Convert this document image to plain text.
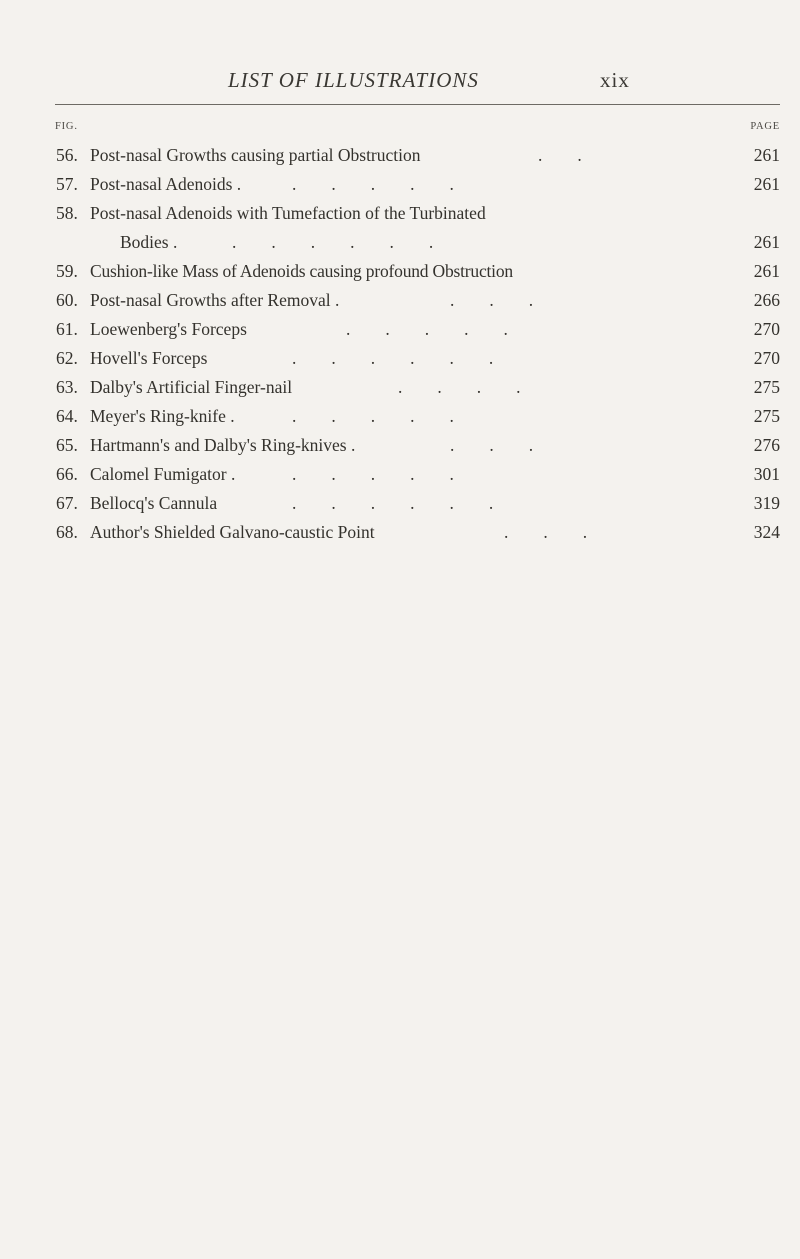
LIST OF ILLUSTRATIONS	xix
FIG.	PAGE
56. Post-nasal Growths causing partial Obstruction	.        .	261
57. Post-nasal Adenoids .	.        .        .        .        .	261
58. Post-nasal Adenoids with Tumefaction of the Turbinated
Bodies .	.        .        .        .        .        .	261
59. Cushion-like Mass of Adenoids causing profound Obstruction	261
60. Post-nasal Growths after Removal .	.        .        .	266
61. Loewenberg's Forceps	.        .        .        .        .	270
62. Hovell's Forceps	.        .        .        .        .        .	270
63. Dalby's Artificial Finger-nail	.        .        .        .	275
64. Meyer's Ring-knife .	.        .        .        .        .	275
65. Hartmann's and Dalby's Ring-knives .	.        .        .	276
66. Calomel Fumigator .	.        .        .        .        .	301
67. Bellocq's Cannula	.        .        .        .        .        .	319
68. Author's Shielded Galvano-caustic Point	.        .        .	324
